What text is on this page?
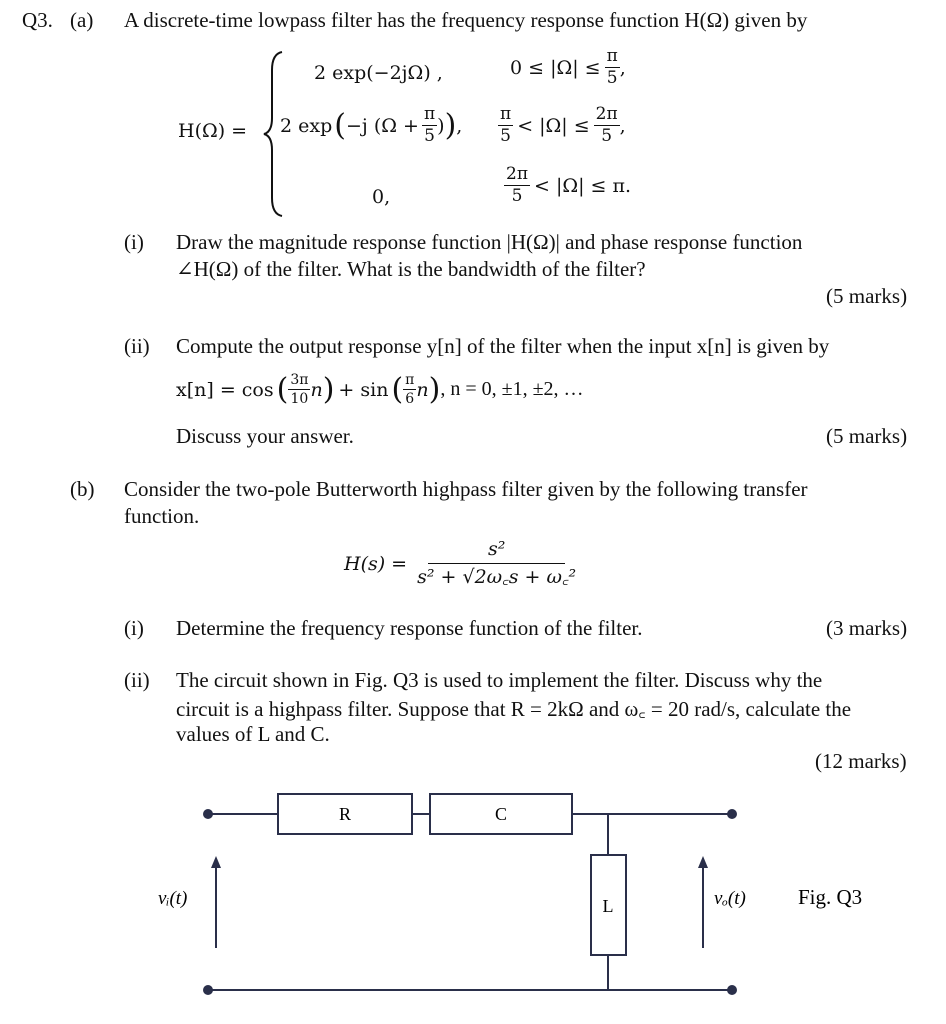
Q3. (a) A discrete-time lowpass filter has the frequency response function H(Ω) given by
H(Ω) =
2 exp(−2jΩ) ,	$0 \le |\Omega| \le \frac{\pi}{5}$ ,
2 exp ( −j ($\Omega + \frac{\pi}{5}$ ) ) , $\frac{\pi}{5} < |\Omega| \le \frac{2\pi}{5}$ ,
0,	$\frac{2\pi}{5} < |\Omega| \le \pi$.
(i) Draw the magnitude response function |H(Ω)| and phase response function
∠H(Ω) of the filter. What is the bandwidth of the filter?
(5 marks)
(ii) Compute the output response y[n] of the filter when the input x[n] is given by
x[n] = cos ( $\frac{3\pi}{10}$ n ) + sin ( $\frac{\pi}{6}$ n ) , n = 0, ±1, ±2, …
Discuss your answer.	(5 marks)
(b) Consider the two-pole Butterworth highpass filter given by the following transfer
function.
$H(s) = \frac{\text{s²}}{\text{s² + √2ω꜀s + ω꜀²}}$
(i) Determine the frequency response function of the filter.	(3 marks)
(ii) The circuit shown in Fig. Q3 is used to implement the filter. Discuss why the
circuit is a highpass filter. Suppose that R = 2kΩ and ω꜀ = 20 rad/s, calculate the
values of L and C.
(12 marks)
R	C
L
vᵢ(t)	vₒ(t) Fig. Q3
